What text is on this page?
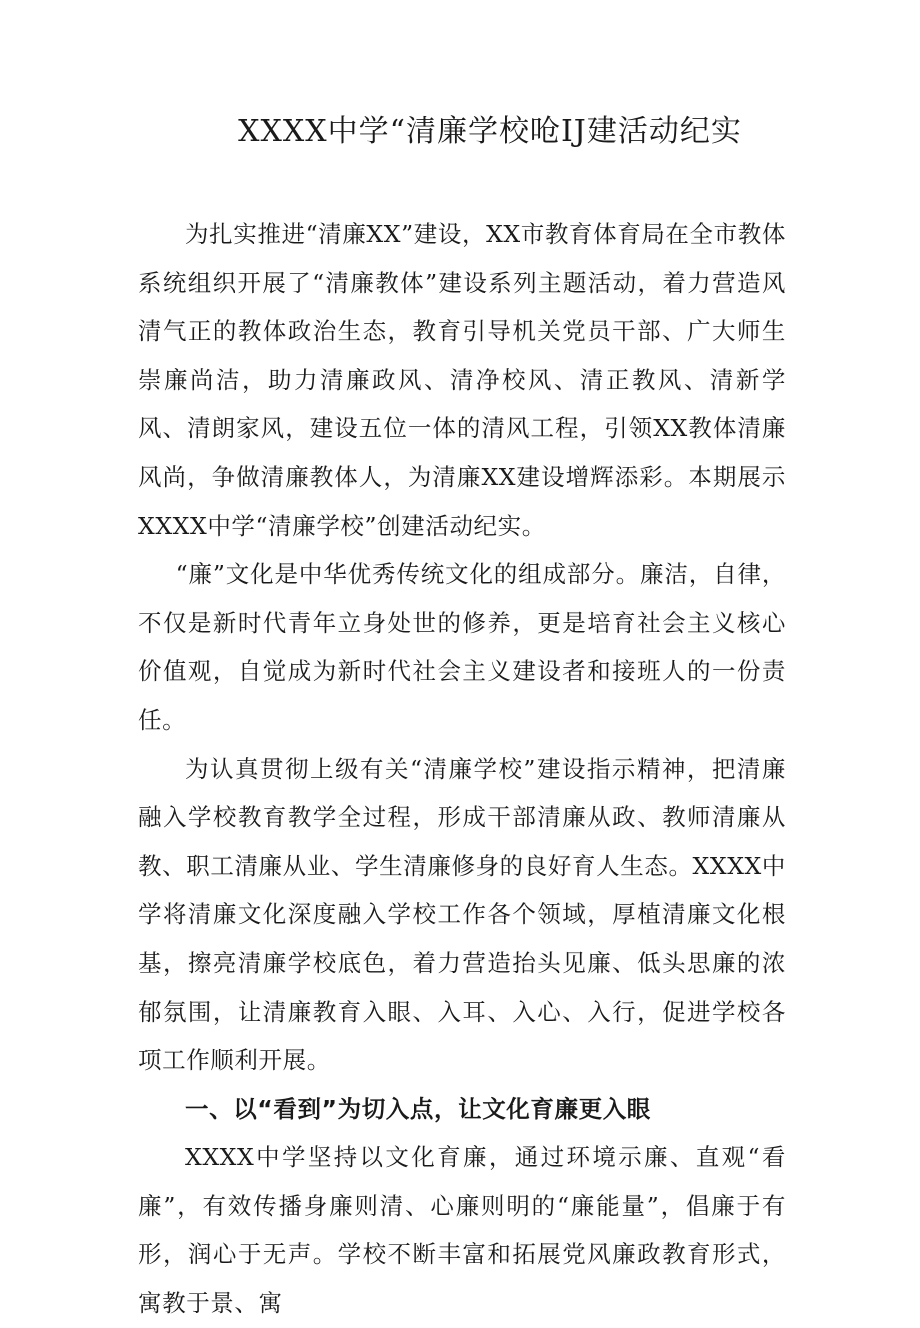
XXXX中学“清廉学校呛IJ建活动纪实

为扎实推进“清廉XX”建设，XX市教育体育局在全市教体系统组织开展了“清廉教体”建设系列主题活动，着力营造风清气正的教体政治生态，教育引导机关党员干部、广大师生崇廉尚洁，助力清廉政风、清净校风、清正教风、清新学风、清朗家风，建设五位一体的清风工程，引领XX教体清廉风尚，争做清廉教体人，为清廉XX建设增辉添彩。本期展示XXXX中学“清廉学校”创建活动纪实。

“廉”文化是中华优秀传统文化的组成部分。廉洁，自律，不仅是新时代青年立身处世的修养，更是培育社会主义核心价值观，自觉成为新时代社会主义建设者和接班人的一份责任。

为认真贯彻上级有关“清廉学校”建设指示精神，把清廉融入学校教育教学全过程，形成干部清廉从政、教师清廉从教、职工清廉从业、学生清廉修身的良好育人生态。XXXX中学将清廉文化深度融入学校工作各个领域，厚植清廉文化根基，擦亮清廉学校底色，着力营造抬头见廉、低头思廉的浓郁氛围，让清廉教育入眼、入耳、入心、入行，促进学校各项工作顺利开展。

一、以“看到”为切入点，让文化育廉更入眼

XXXX中学坚持以文化育廉，通过环境示廉、直观“看廉”，有效传播身廉则清、心廉则明的“廉能量”，倡廉于有形，润心于无声。学校不断丰富和拓展党风廉政教育形式，寓教于景、寓
